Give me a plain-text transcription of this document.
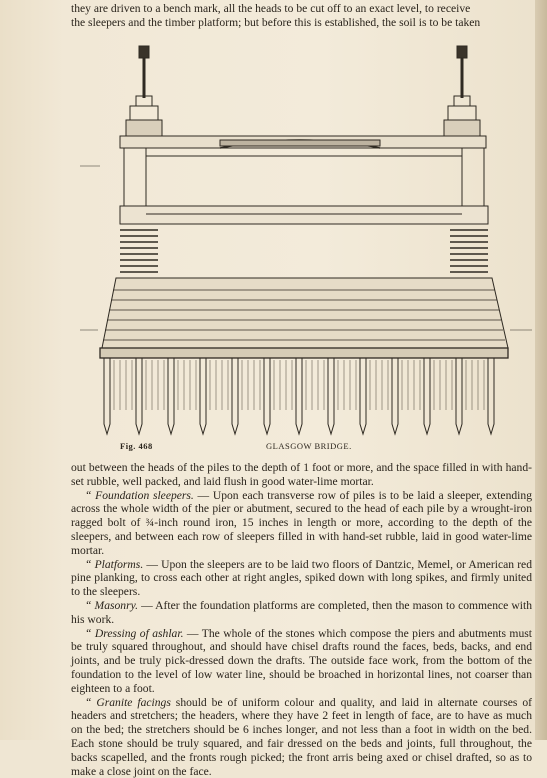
they are driven to a bench mark, all the heads to be cut off to an exact level, to receive

the sleepers and the timber platform; but before this is established, the soil is to be taken

Fig. 468	GLASGOW BRIDGE.

out between the heads of the piles to the depth of 1 foot or more, and the space filled in with hand-set rubble, well packed, and laid flush in good water-lime mortar.

“ Foundation sleepers. — Upon each transverse row of piles is to be laid a sleeper, extending across the whole width of the pier or abutment, secured to the head of each pile by a wrought-iron ragged bolt of ¾-inch round iron, 15 inches in length or more, according to the depth of the sleepers, and between each row of sleepers filled in with hand-set rubble, laid in good water-lime mortar.

“ Platforms. — Upon the sleepers are to be laid two floors of Dantzic, Memel, or American red pine planking, to cross each other at right angles, spiked down with long spikes, and firmly united to the sleepers.

“ Masonry. — After the foundation platforms are completed, then the mason to commence with his work.

“ Dressing of ashlar. — The whole of the stones which compose the piers and abutments must be truly squared throughout, and should have chisel drafts round the faces, beds, backs, and end joints, and be truly pick-dressed down the drafts. The outside face work, from the bottom of the foundation to the level of low water line, should be broached in horizontal lines, not coarser than eighteen to a foot.

“ Granite facings should be of uniform colour and quality, and laid in alternate courses of headers and stretchers; the headers, where they have 2 feet in length of face, are to have as much on the bed; the stretchers should be 6 inches longer, and not less than a foot in width on the bed. Each stone should be truly squared, and fair dressed on the beds and joints, full throughout, the backs scapelled, and the fronts rough picked; the front arris being axed or chisel drafted, so as to make a close joint on the face.
